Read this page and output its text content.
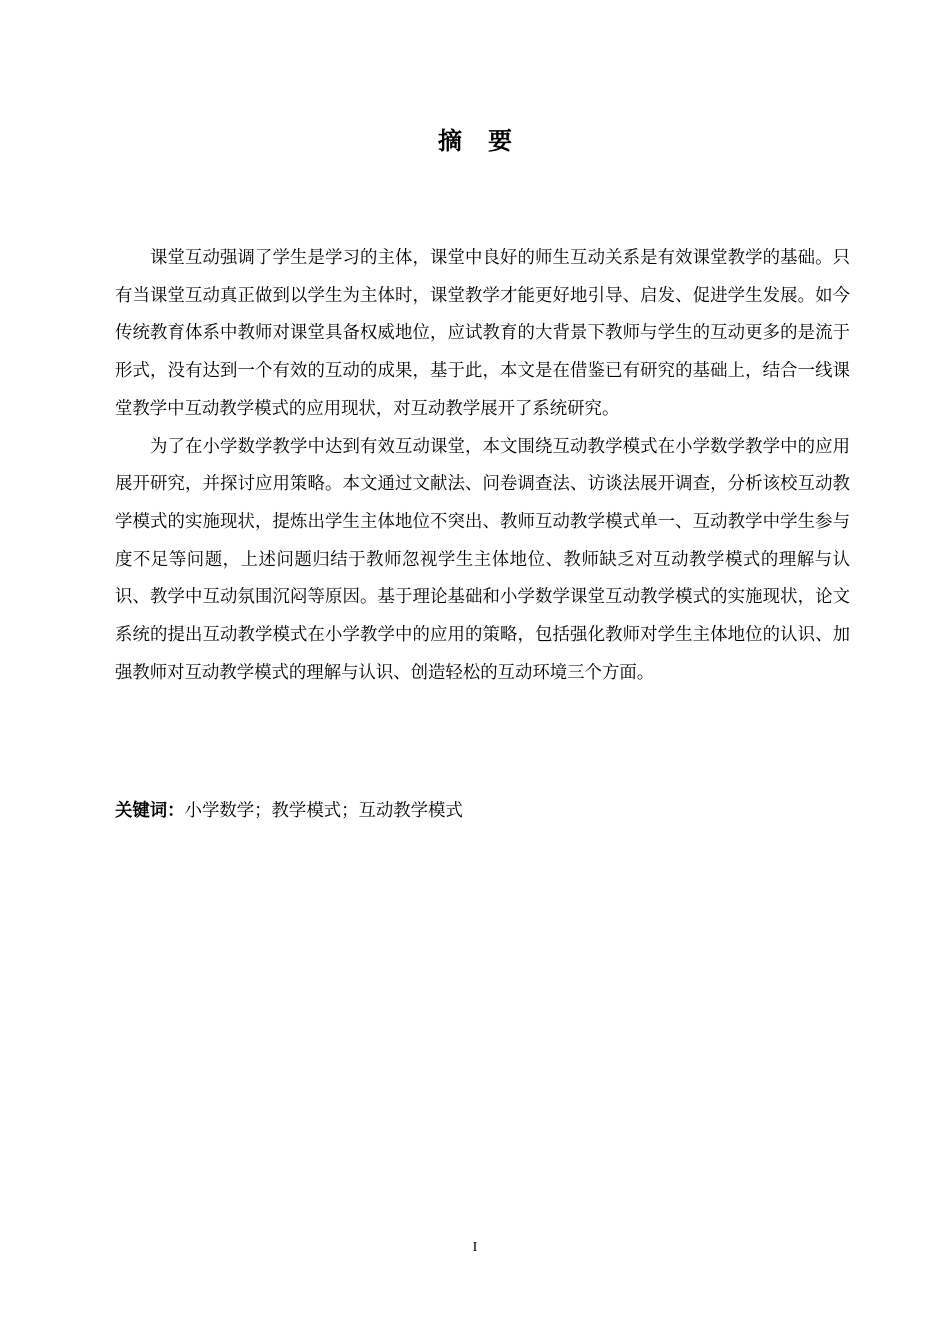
摘 要

课堂互动强调了学生是学习的主体，课堂中良好的师生互动关系是有效课堂教学的基础。只有当课堂互动真正做到以学生为主体时，课堂教学才能更好地引导、启发、促进学生发展。如今传统教育体系中教师对课堂具备权威地位，应试教育的大背景下教师与学生的互动更多的是流于形式，没有达到一个有效的互动的成果，基于此，本文是在借鉴已有研究的基础上，结合一线课堂教学中互动教学模式的应用现状，对互动教学展开了系统研究。

为了在小学数学教学中达到有效互动课堂，本文围绕互动教学模式在小学数学教学中的应用展开研究，并探讨应用策略。本文通过文献法、问卷调查法、访谈法展开调查，分析该校互动教学模式的实施现状，提炼出学生主体地位不突出、教师互动教学模式单一、互动教学中学生参与度不足等问题，上述问题归结于教师忽视学生主体地位、教师缺乏对互动教学模式的理解与认识、教学中互动氛围沉闷等原因。基于理论基础和小学数学课堂互动教学模式的实施现状，论文系统的提出互动教学模式在小学教学中的应用的策略，包括强化教师对学生主体地位的认识、加强教师对互动教学模式的理解与认识、创造轻松的互动环境三个方面。

关键词：小学数学；教学模式；互动教学模式
I
